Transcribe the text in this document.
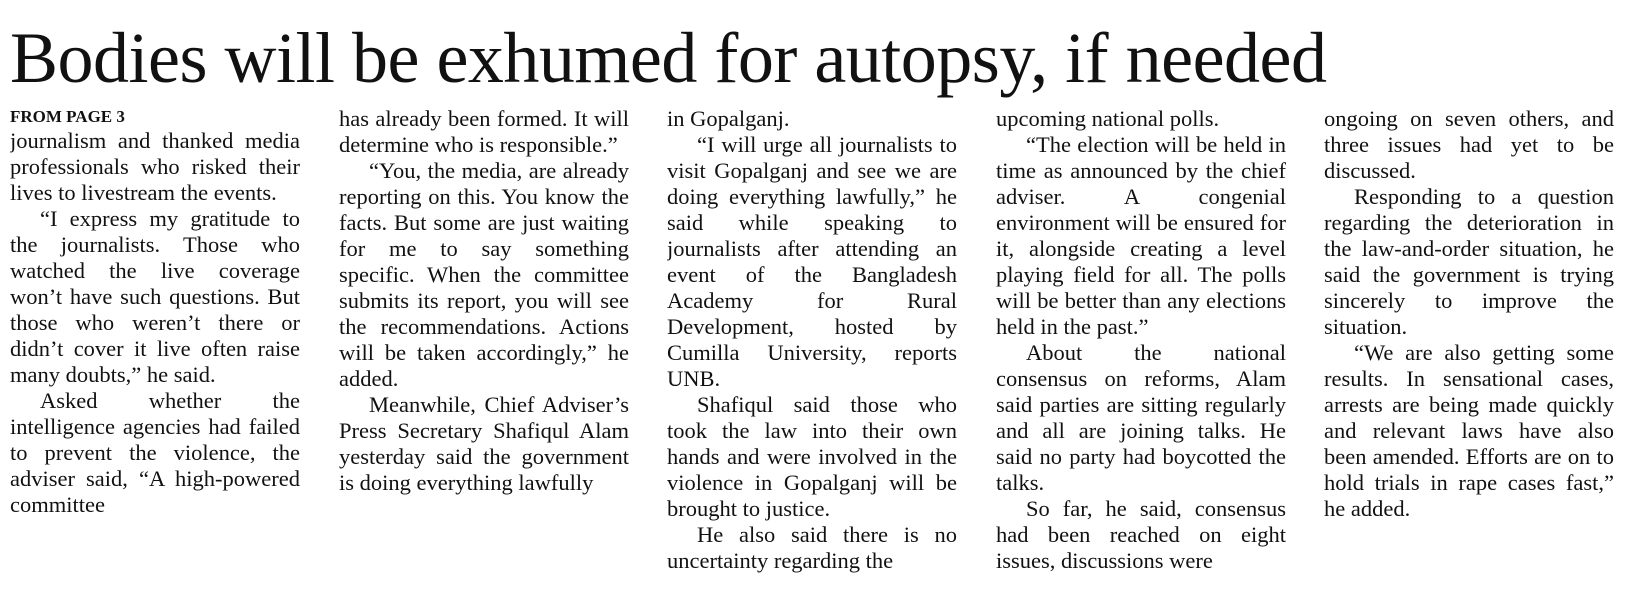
Bodies will be exhumed for autopsy, if needed
FROM PAGE 3

journalism and thanked media professionals who risked their lives to livestream the events.

“I express my gratitude to the journalists. Those who watched the live coverage won’t have such questions. But those who weren’t there or didn’t cover it live often raise many doubts,” he said.

Asked whether the intelligence agencies had failed to prevent the violence, the adviser said, “A high-powered committee

has already been formed. It will determine who is responsible.”

“You, the media, are already reporting on this. You know the facts. But some are just waiting for me to say something specific. When the committee submits its report, you will see the recommendations. Actions will be taken accordingly,” he added.

Meanwhile, Chief Adviser’s Press Secretary Shafiqul Alam yesterday said the government is doing everything lawfully

in Gopalganj.

“I will urge all journalists to visit Gopalganj and see we are doing everything lawfully,” he said while speaking to journalists after attending an event of the Bangladesh Academy for Rural Development, hosted by Cumilla University, reports UNB.

Shafiqul said those who took the law into their own hands and were involved in the violence in Gopalganj will be brought to justice.

He also said there is no uncertainty regarding the

upcoming national polls.

“The election will be held in time as announced by the chief adviser. A congenial environment will be ensured for it, alongside creating a level playing field for all. The polls will be better than any elections held in the past.”

About the national consensus on reforms, Alam said parties are sitting regularly and all are joining talks. He said no party had boycotted the talks.

So far, he said, consensus had been reached on eight issues, discussions were

ongoing on seven others, and three issues had yet to be discussed.

Responding to a question regarding the deterioration in the law-and-order situation, he said the government is trying sincerely to improve the situation.

“We are also getting some results. In sensational cases, arrests are being made quickly and relevant laws have also been amended. Efforts are on to hold trials in rape cases fast,” he added.
